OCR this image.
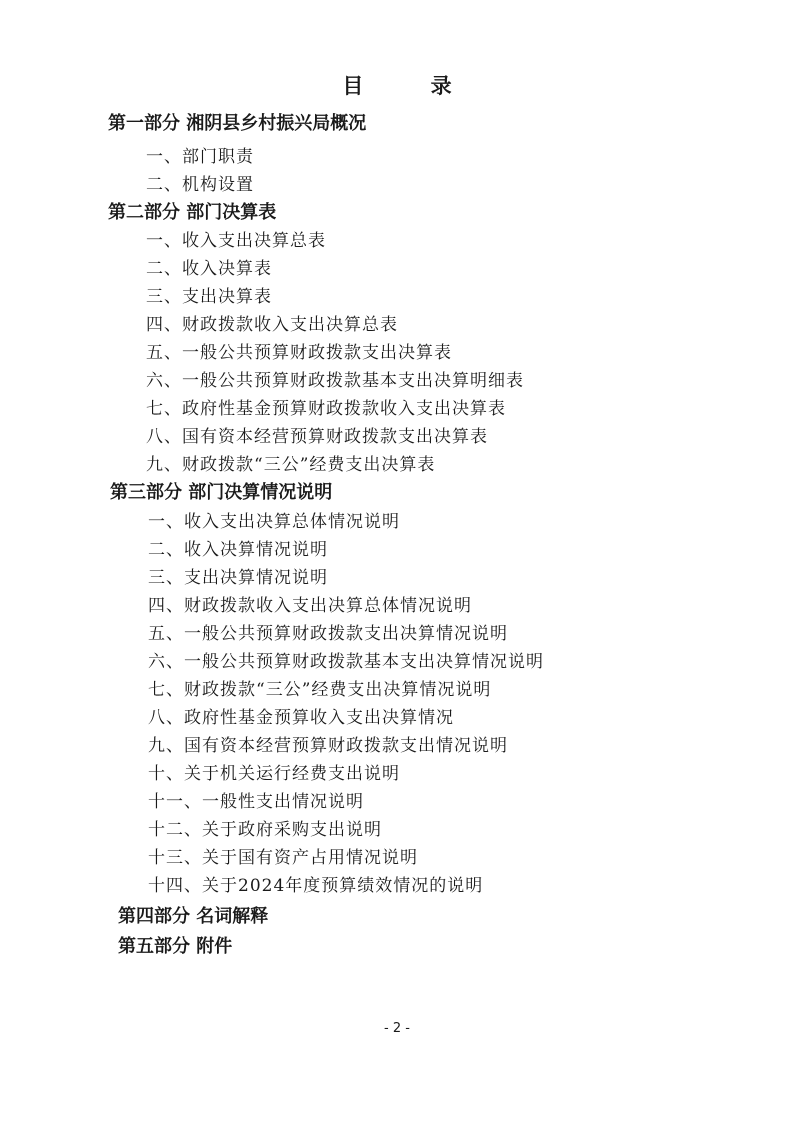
目 录
第一部分 湘阴县乡村振兴局概况
一、部门职责
二、机构设置
第二部分 部门决算表
一、收入支出决算总表
二、收入决算表
三、支出决算表
四、财政拨款收入支出决算总表
五、一般公共预算财政拨款支出决算表
六、一般公共预算财政拨款基本支出决算明细表
七、政府性基金预算财政拨款收入支出决算表
八、国有资本经营预算财政拨款支出决算表
九、财政拨款“三公”经费支出决算表
第三部分 部门决算情况说明
一、收入支出决算总体情况说明
二、收入决算情况说明
三、支出决算情况说明
四、财政拨款收入支出决算总体情况说明
五、一般公共预算财政拨款支出决算情况说明
六、一般公共预算财政拨款基本支出决算情况说明
七、财政拨款“三公”经费支出决算情况说明
八、政府性基金预算收入支出决算情况
九、国有资本经营预算财政拨款支出情况说明
十、关于机关运行经费支出说明
十一、一般性支出情况说明
十二、关于政府采购支出说明
十三、关于国有资产占用情况说明
十四、关于2024年度预算绩效情况的说明
第四部分 名词解释
第五部分 附件
- 2 -
